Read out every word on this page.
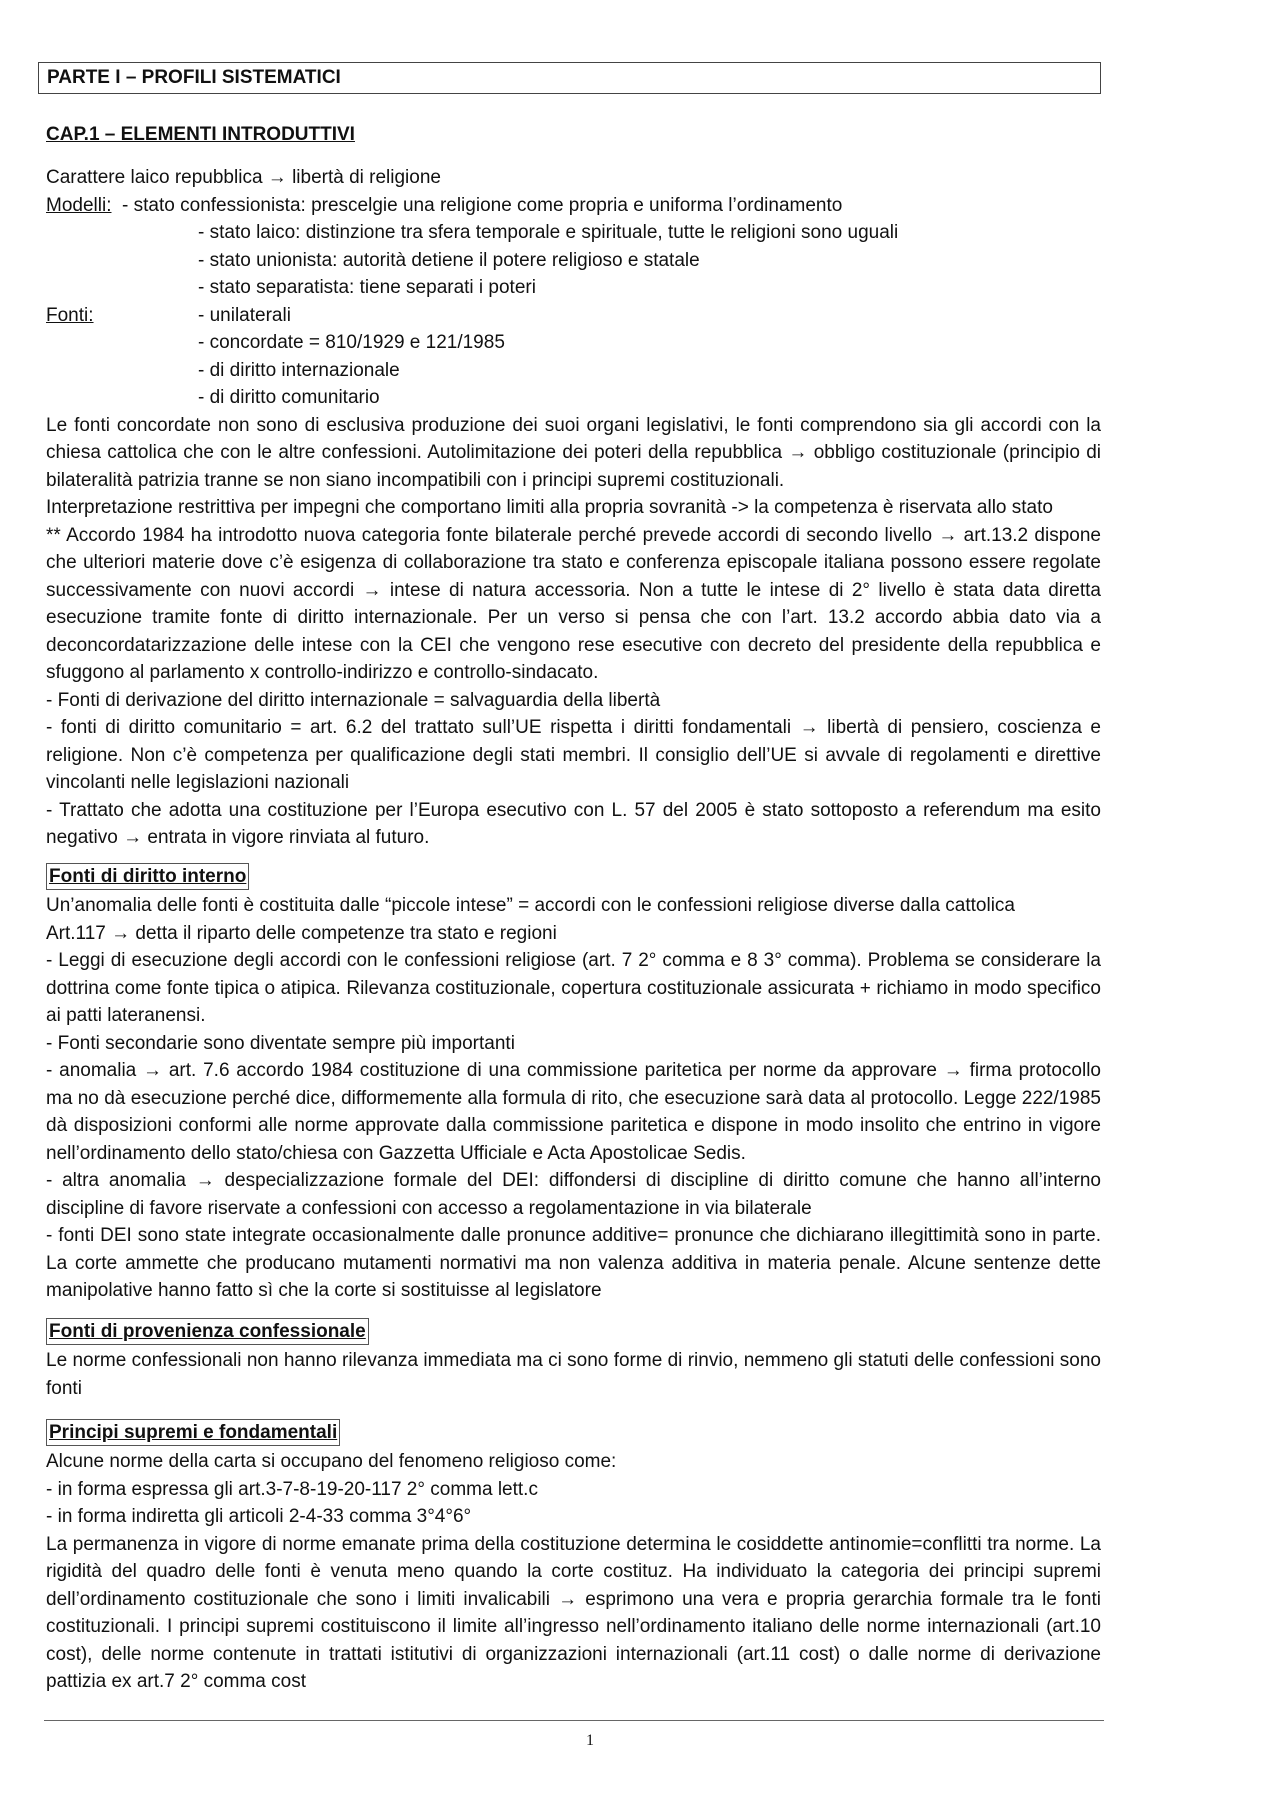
PARTE I – PROFILI SISTEMATICI
CAP.1 – ELEMENTI INTRODUTTIVI
Carattere laico repubblica → libertà di religione
Modelli: - stato confessionista: prescelgie una religione come propria e uniforma l’ordinamento
- stato laico: distinzione tra sfera temporale e spirituale, tutte le religioni sono uguali
- stato unionista: autorità detiene il potere religioso e statale
- stato separatista: tiene separati i poteri
Fonti:	- unilaterali
- concordate = 810/1929 e 121/1985
- di diritto internazionale
- di diritto comunitario
Le fonti concordate non sono di esclusiva produzione dei suoi organi legislativi, le fonti comprendono sia gli accordi con la chiesa cattolica che con le altre confessioni. Autolimitazione dei poteri della repubblica → obbligo costituzionale (principio di bilateralità patrizia tranne se non siano incompatibili con i principi supremi costituzionali.
Interpretazione restrittiva per impegni che comportano limiti alla propria sovranità -> la competenza è riservata allo stato
** Accordo 1984 ha introdotto nuova categoria fonte bilaterale perché prevede accordi di secondo livello → art.13.2 dispone che ulteriori materie dove c’è esigenza di collaborazione tra stato e conferenza episcopale italiana possono essere regolate successivamente con nuovi accordi → intese di natura accessoria. Non a tutte le intese di 2° livello è stata data diretta esecuzione tramite fonte di diritto internazionale. Per un verso si pensa che con l’art. 13.2 accordo abbia dato via a deconcordatarizzazione delle intese con la CEI che vengono rese esecutive con decreto del presidente della repubblica e sfuggono al parlamento x controllo-indirizzo e controllo-sindacato.
- Fonti di derivazione del diritto internazionale = salvaguardia della libertà
- fonti di diritto comunitario = art. 6.2 del trattato sull’UE rispetta i diritti fondamentali → libertà di pensiero, coscienza e religione. Non c’è competenza per qualificazione degli stati membri. Il consiglio dell’UE si avvale di regolamenti e direttive vincolanti nelle legislazioni nazionali
- Trattato che adotta una costituzione per l’Europa esecutivo con L. 57 del 2005 è stato sottoposto a referendum ma esito negativo → entrata in vigore rinviata al futuro.
Fonti di diritto interno
Un’anomalia delle fonti è costituita dalle “piccole intese” = accordi con le confessioni religiose diverse dalla cattolica
Art.117 → detta il riparto delle competenze tra stato e regioni
- Leggi di esecuzione degli accordi con le confessioni religiose (art. 7 2° comma e 8 3° comma). Problema se considerare la dottrina come fonte tipica o atipica. Rilevanza costituzionale, copertura costituzionale assicurata + richiamo in modo specifico ai patti lateranensi.
- Fonti secondarie sono diventate sempre più importanti
- anomalia → art. 7.6 accordo 1984 costituzione di una commissione paritetica per norme da approvare → firma protocollo ma no dà esecuzione perché dice, difformemente alla formula di rito, che esecuzione sarà data al protocollo. Legge 222/1985 dà disposizioni conformi alle norme approvate dalla commissione paritetica e dispone in modo insolito che entrino in vigore nell’ordinamento dello stato/chiesa con Gazzetta Ufficiale e Acta Apostolicae Sedis.
- altra anomalia → despecializzazione formale del DEI: diffondersi di discipline di diritto comune che hanno all’interno discipline di favore riservate a confessioni con accesso a regolamentazione in via bilaterale
- fonti DEI sono state integrate occasionalmente dalle pronunce additive= pronunce che dichiarano illegittimità sono in parte. La corte ammette che producano mutamenti normativi ma non valenza additiva in materia penale. Alcune sentenze dette manipolative hanno fatto sì che la corte si sostituisse al legislatore
Fonti di provenienza confessionale
Le norme confessionali non hanno rilevanza immediata ma ci sono forme di rinvio, nemmeno gli statuti delle confessioni sono fonti
Principi supremi e fondamentali
Alcune norme della carta si occupano del fenomeno religioso come:
- in forma espressa gli art.3-7-8-19-20-117 2° comma lett.c
- in forma indiretta gli articoli 2-4-33 comma 3°4°6°
La permanenza in vigore di norme emanate prima della costituzione determina le cosiddette antinomie=conflitti tra norme. La rigidità del quadro delle fonti è venuta meno quando la corte costituz. Ha individuato la categoria dei principi supremi dell’ordinamento costituzionale che sono i limiti invalicabili → esprimono una vera e propria gerarchia formale tra le fonti costituzionali. I principi supremi costituiscono il limite all’ingresso nell’ordinamento italiano delle norme internazionali (art.10 cost), delle norme contenute in trattati istitutivi di organizzazioni internazionali (art.11 cost) o dalle norme di derivazione pattizia ex art.7 2° comma cost
1
